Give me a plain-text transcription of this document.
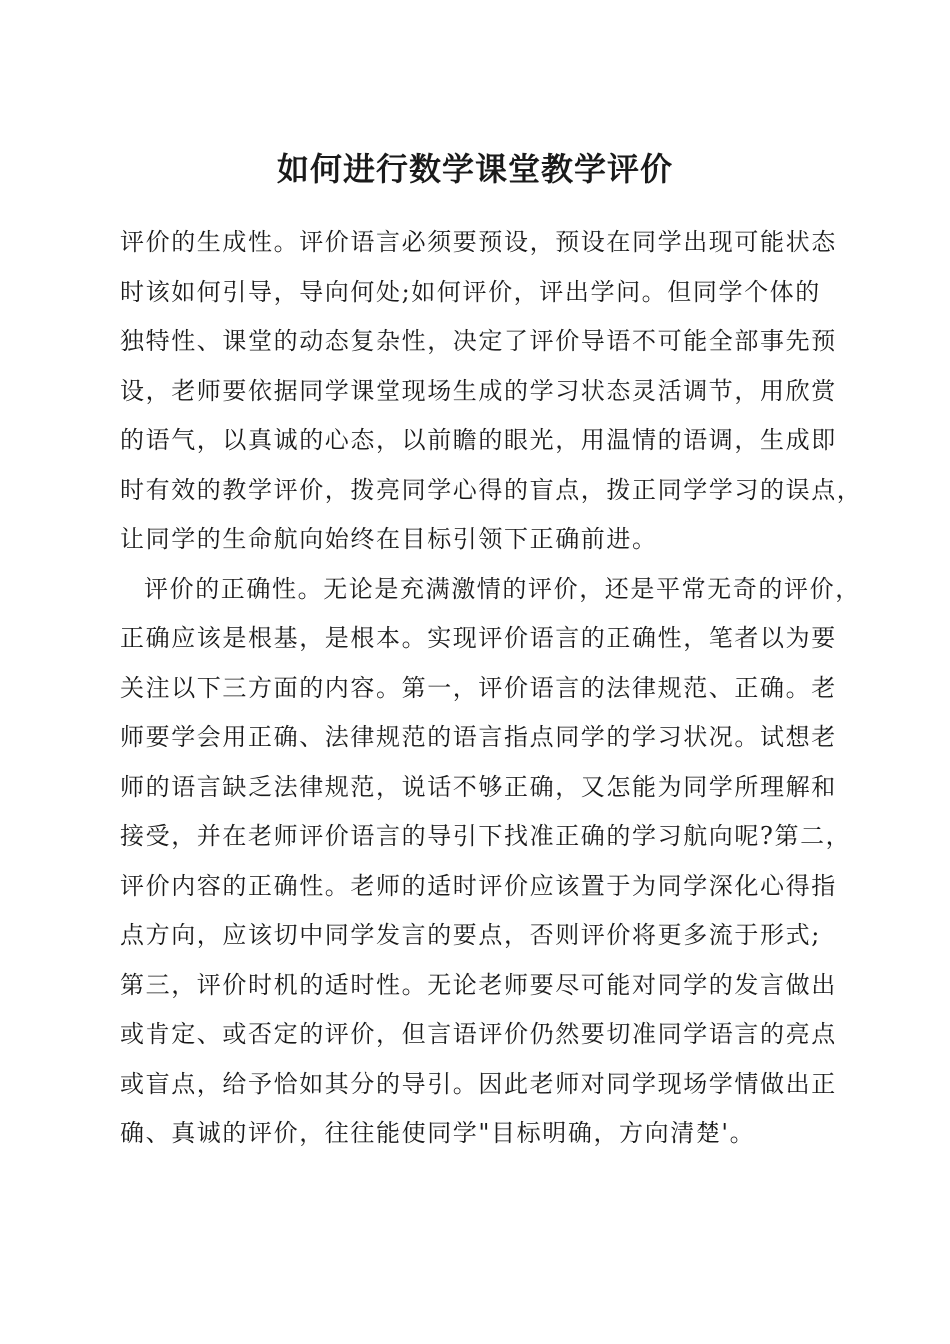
如何进行数学课堂教学评价
评价的生成性。评价语言必须要预设，预设在同学出现可能状态
时该如何引导，导向何处;如何评价，评出学问。但同学个体的
独特性、课堂的动态复杂性，决定了评价导语不可能全部事先预
设，老师要依据同学课堂现场生成的学习状态灵活调节，用欣赏
的语气，以真诚的心态，以前瞻的眼光，用温情的语调，生成即
时有效的教学评价，拨亮同学心得的盲点，拨正同学学习的误点，
让同学的生命航向始终在目标引领下正确前进。
评价的正确性。无论是充满激情的评价，还是平常无奇的评价，
正确应该是根基，是根本。实现评价语言的正确性，笔者以为要
关注以下三方面的内容。第一，评价语言的法律规范、正确。老
师要学会用正确、法律规范的语言指点同学的学习状况。试想老
师的语言缺乏法律规范，说话不够正确，又怎能为同学所理解和
接受，并在老师评价语言的导引下找准正确的学习航向呢?第二，
评价内容的正确性。老师的适时评价应该置于为同学深化心得指
点方向，应该切中同学发言的要点，否则评价将更多流于形式;
第三，评价时机的适时性。无论老师要尽可能对同学的发言做出
或肯定、或否定的评价，但言语评价仍然要切准同学语言的亮点
或盲点，给予恰如其分的导引。因此老师对同学现场学情做出正
确、真诚的评价，往往能使同学"目标明确，方向清楚'。
